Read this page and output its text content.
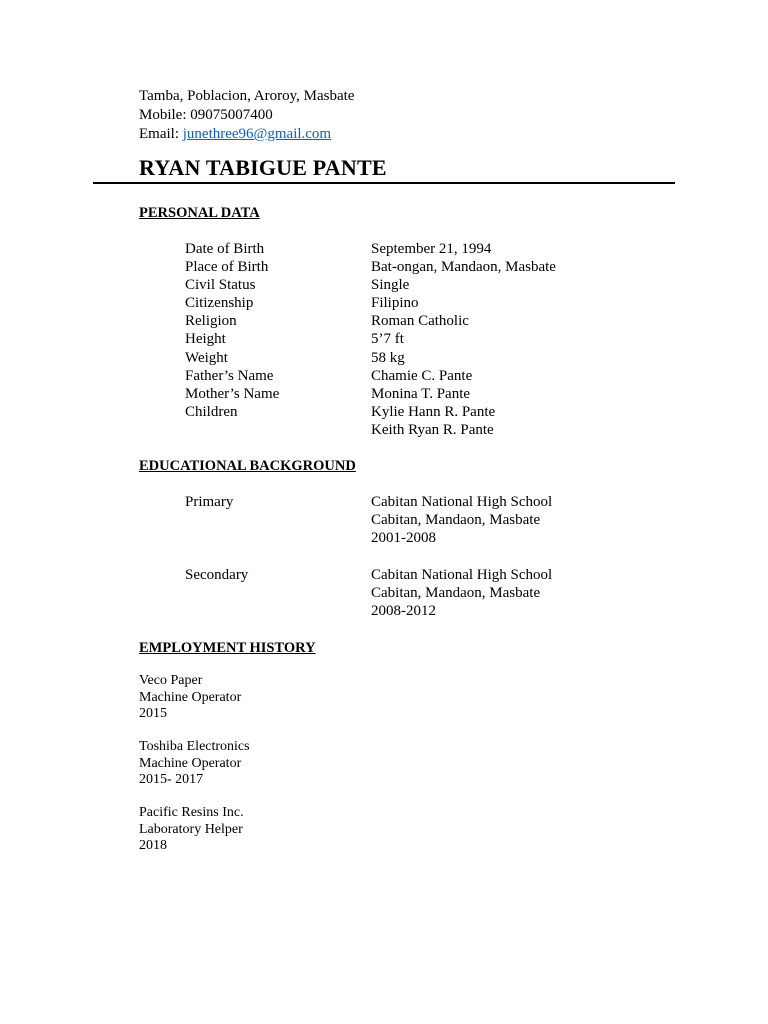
Tamba, Poblacion, Aroroy, Masbate
Mobile: 09075007400
Email: junethree96@gmail.com
RYAN TABIGUE PANTE
PERSONAL DATA
Date of Birth	September 21, 1994
Place of Birth	Bat-ongan, Mandaon, Masbate
Civil Status	Single
Citizenship	Filipino
Religion	Roman Catholic
Height	5’7 ft
Weight	58 kg
Father’s Name	Chamie C. Pante
Mother’s Name	Monina T. Pante
Children	Kylie Hann R. Pante
Keith Ryan R. Pante
EDUCATIONAL BACKGROUND
Primary	Cabitan National High School
Cabitan, Mandaon, Masbate
2001-2008
Secondary	Cabitan National High School
Cabitan, Mandaon, Masbate
2008-2012
EMPLOYMENT HISTORY
Veco Paper
Machine Operator
2015
Toshiba Electronics
Machine Operator
2015- 2017
Pacific Resins Inc.
Laboratory Helper
2018
